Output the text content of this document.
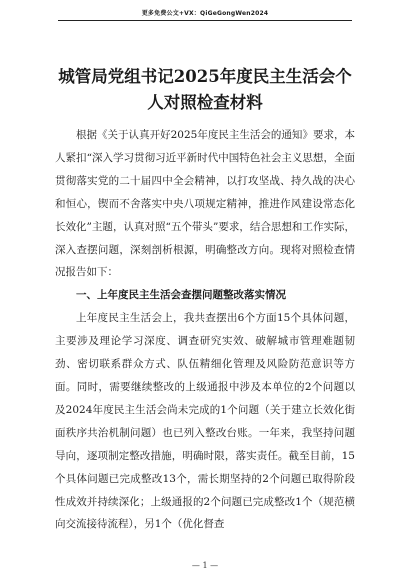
更多免费公文+VX：QiGeGongWen2024
城管局党组书记2025年度民主生活会个
人对照检查材料

根据《关于认真开好2025年度民主生活会的通知》要求，本人紧扣“深入学习贯彻习近平新时代中国特色社会主义思想，全面贯彻落实党的二十届四中全会精神，以打攻坚战、持久战的决心和恒心，锲而不舍落实中央八项规定精神，推进作风建设常态化长效化”主题，认真对照“五个带头”要求，结合思想和工作实际，深入查摆问题，深刻剖析根源，明确整改方向。现将对照检查情况报告如下：

一、上年度民主生活会查摆问题整改落实情况

上年度民主生活会上，我共查摆出6个方面15个具体问题，主要涉及理论学习深度、调查研究实效、破解城市管理难题韧劲、密切联系群众方式、队伍精细化管理及风险防范意识等方面。同时，需要继续整改的上级通报中涉及本单位的2个问题以及2024年度民主生活会尚未完成的1个问题（关于建立长效化街面秩序共治机制问题）也已列入整改台账。一年来，我坚持问题导向，逐项制定整改措施，明确时限，落实责任。截至目前，15个具体问题已完成整改13个，需长期坚持的2个问题已取得阶段性成效并持续深化；上级通报的2个问题已完成整改1个（规范横向交流接待流程），另1个（优化督查

— 1 —
